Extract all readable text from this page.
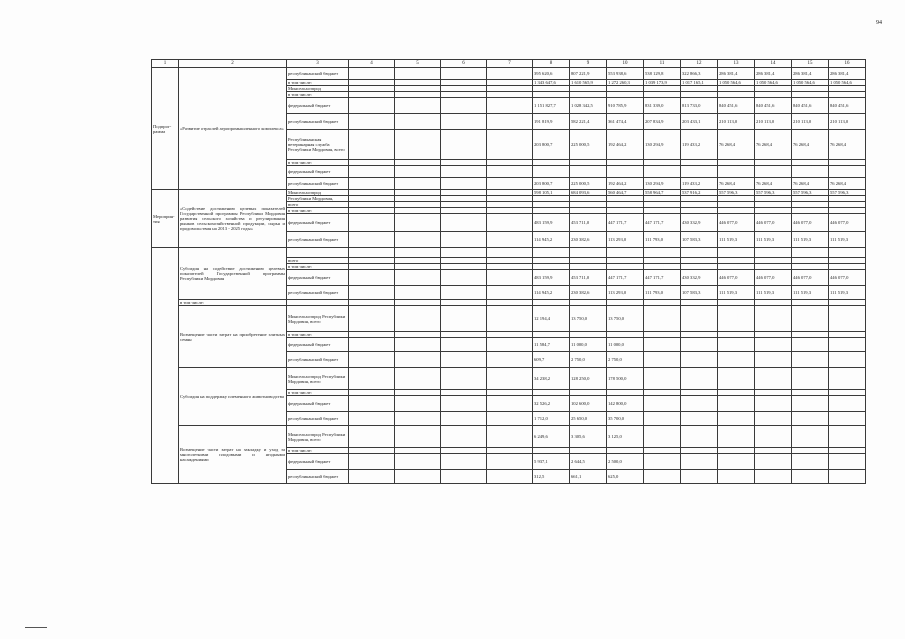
94
1	2	3	4	5	6	7	8	9	10	11	12	13	14	15	16
Подпрог-рамма	«Развитие отраслей агропромышленного комплекса»	республиканский бюджет					395 620,6	807 221,9	553 938,6	538 129,8	322 866,3	286 381,4	286 381,4	286 381,4	286 381,4
		в том числе:					1 343 647,6	1 610 565,9	1 272 260,3	1 039 173,9	1 017 165,1	1 050 564,6	1 050 564,6	1 050 564,6	1 050 564,6
		Минсельхозпрод													
		в том числе:													
		федеральный бюджет					1 151 827,7	1 028 342,5	910 785,9	831 339,0	813 733,0	840 451,6	840 451,6	840 451,6	840 451,6
		республиканский бюджет					191 819,9	582 221,4	361 474,4	207 834,9	203 433,1	210 113,0	210 113,0	210 113,0	210 113,0
		Республиканская ветеринарная служба Республики Мордовия, всего					203 800,7	225 000,5	192 464,2	130 294,9	119 433,2	76 268,4	76 268,4	76 268,4	76 268,4
		в том числе:													
		федеральный бюджет													
		республиканский бюджет					203 800,7	225 000,5	192 464,2	130 294,9	119 433,2	76 268,4	76 268,4	76 268,4	76 268,4
Мероприя-тия	«Содействие достижению целевых показателей Государственной программы Республики Мордовия развития сельского хозяйства и регулирования рынков сельскохозяйственной продукции, сырья и продовольствия на 2013 - 2025 годы»	Минсельхозпрод					598 105,1	684 093,6	560 464,7	558 964,7	537 916,2	557 596,3	557 596,3	557 596,3	557 596,3
		Республики Мордовия,													
		всего													
		в том числе:													
		федеральный бюджет					483 159,9	453 711,0	447 171,7	447 171,7	430 332,9	446 077,0	446 077,0	446 077,0	446 077,0
		республиканский бюджет					114 945,2	230 382,6	113 293,0	111 793,0	107 583,3	111 519,3	111 519,3	111 519,3	111 519,3
	Субсидия на содействие достижению целевых показателей Государственной программы Республики Мордовия														
		всего													
		в том числе:													
		федеральный бюджет					483 159,9	453 711,0	447 171,7	447 171,7	430 332,9	446 077,0	446 077,0	446 077,0	446 077,0
		республиканский бюджет					114 945,2	230 382,6	113 293,0	111 793,0	107 583,3	111 519,3	111 519,3	111 519,3	111 519,3
	в том числе:														
	Возмещение части затрат на приобретение элитных семян	Минсельхозпрод Республики Мордовия, всего					12 194,4	13 750,0	13 750,0						
		в том числе:													
		федеральный бюджет					11 584,7	11 000,0	11 000,0						
		республиканский бюджет					609,7	2 750,0	2 750,0						
	Субсидия на поддержку племенного животноводства	Минсельхозпрод Республики Мордовия, всего					34 238,2	128 250,0	178 500,0						
		в том числе:													
		федеральный бюджет					32 526,2	102 600,0	142 800,0						
		республиканский бюджет					1 712,0	25 650,0	35 700,0						
	Возмещение части затрат на закладку и уход за многолетними плодовыми и ягодными насаждениями	Минсельхозпрод Республики Мордовия, всего					6 249,6	3 305,6	3 125,0						
		в том числе:													
		федеральный бюджет					5 937,1	2 644,5	2 500,0						
		республиканский бюджет					312,5	661,1	625,0						
